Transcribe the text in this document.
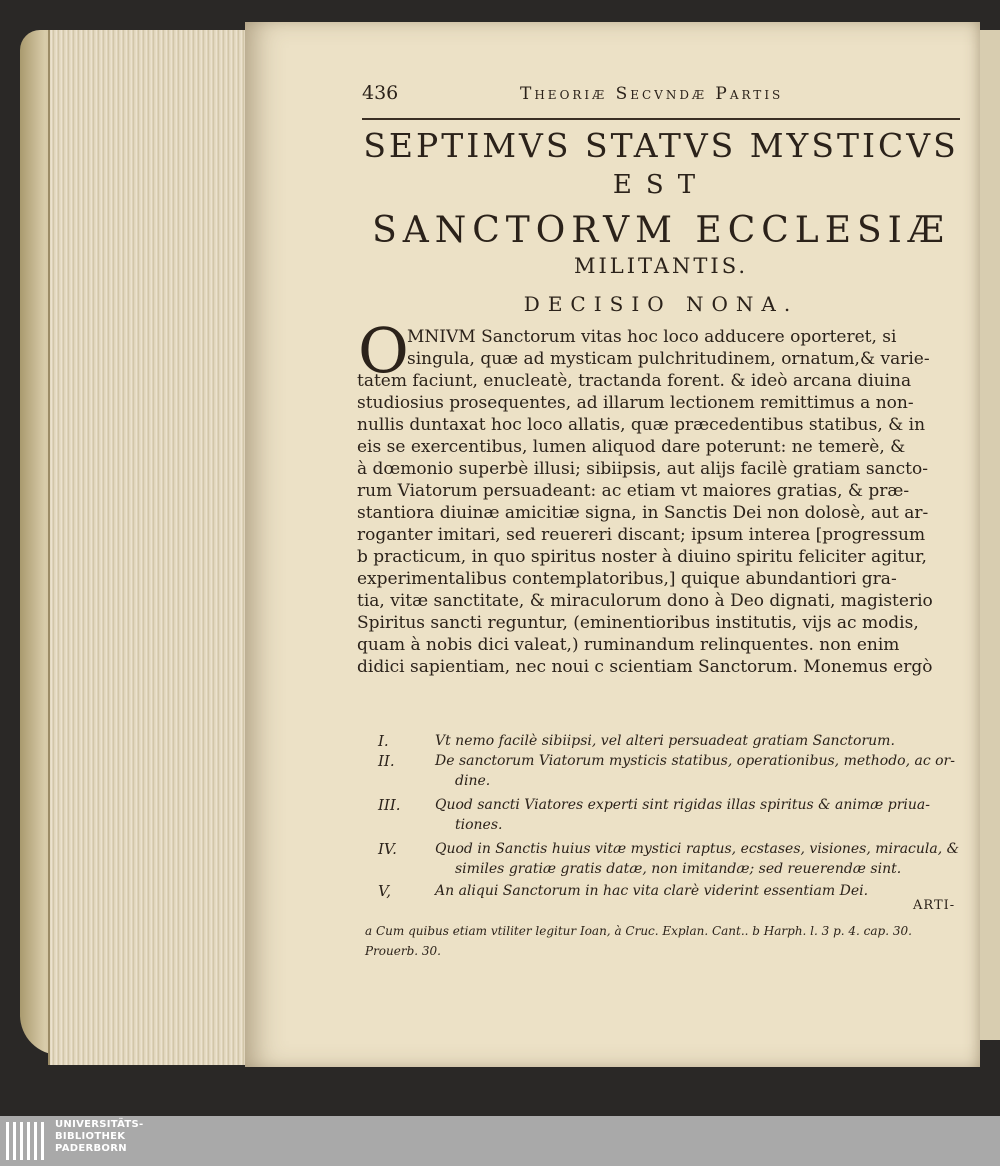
436	Theoriæ Secvndæ Partis
SEPTIMVS STATVS MYSTICVS
EST
SANCTORVM ECCLESIÆ
MILITANTIS.
DECISIO NONA.
O
MNIVM Sanctorum vitas hoc loco adducere oporteret, si
singula, quæ ad mysticam pulchritudinem, ornatum,& varie-
tatem faciunt, enucleatè, tractanda forent. & ideò arcana diuina
studiosius prosequentes, ad illarum lectionem remittimus a non-
nullis duntaxat hoc loco allatis, quæ præcedentibus statibus, & in
eis se exercentibus, lumen aliquod dare poterunt: ne temerè, &
à dœmonio superbè illusi; sibiipsis, aut alijs facilè gratiam sancto-
rum Viatorum persuadeant: ac etiam vt maiores gratias, & præ-
stantiora diuinæ amicitiæ signa, in Sanctis Dei non dolosè, aut ar-
roganter imitari, sed reuereri discant; ipsum interea [progressum
b practicum, in quo spiritus noster à diuino spiritu feliciter agitur,
experimentalibus contemplatoribus,] quique abundantiori gra-
tia, vitæ sanctitate, & miraculorum dono à Deo dignati, magisterio
Spiritus sancti reguntur, (eminentioribus institutis, vijs ac modis,
quam à nobis dici valeat,) ruminandum relinquentes. non enim
didici sapientiam, nec noui c scientiam Sanctorum. Monemus ergò
I.	Vt nemo facilè sibiipsi, vel alteri persuadeat gratiam Sanctorum.
II.	De sanctorum Viatorum mysticis statibus, operationibus, methodo, ac or-
dine.
III. Quod sancti Viatores experti sint rigidas illas spiritus & animæ priua-
tiones.
IV.	Quod in Sanctis huius vitæ mystici raptus, ecstases, visiones, miracula, &
similes gratiæ gratis datæ, non imitandæ; sed reuerendæ sint.
V,	An aliqui Sanctorum in hac vita clarè viderint essentiam Dei.
ARTI-
a Cum quibus etiam vtiliter legitur Ioan, à Cruc. Explan. Cant.. b Harph. l. 3 p. 4. cap. 30.
Prouerb. 30.
UNIVERSITÄTS-
BIBLIOTHEK
PADERBORN
